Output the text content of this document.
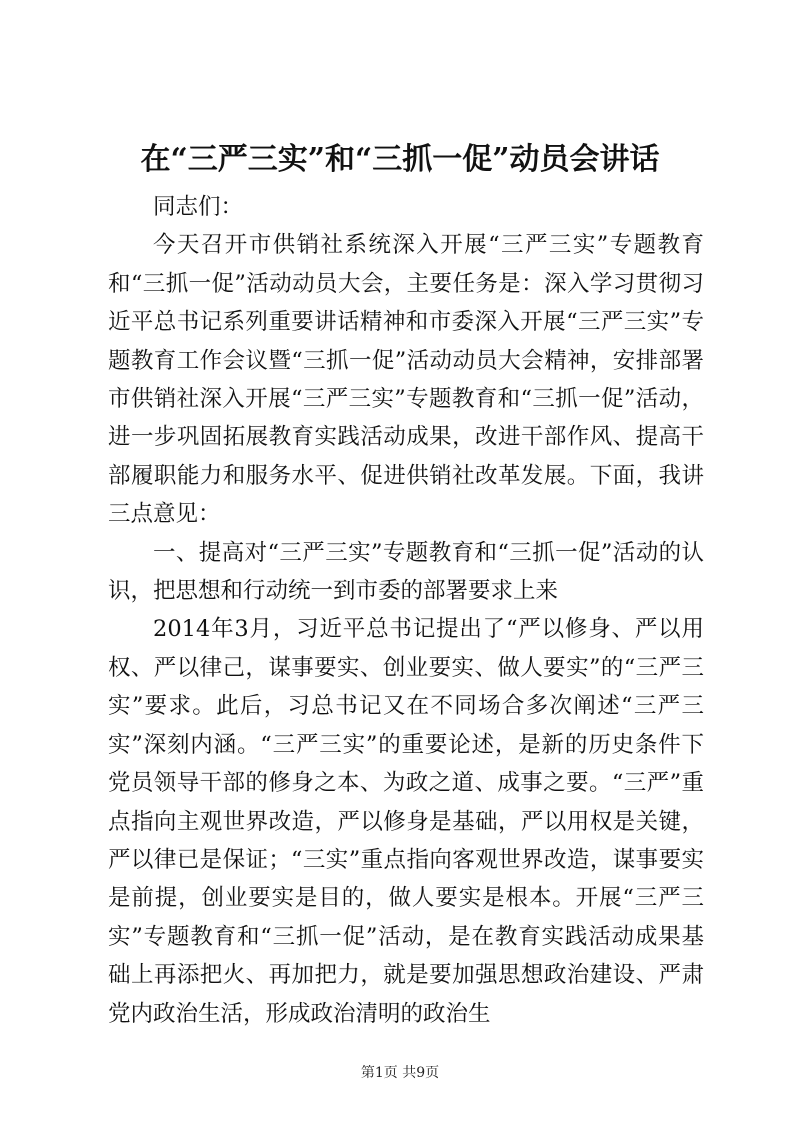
在“三严三实”和“三抓一促”动员会讲话

同志们：

今天召开市供销社系统深入开展“三严三实”专题教育和“三抓一促”活动动员大会，主要任务是：深入学习贯彻习近平总书记系列重要讲话精神和市委深入开展“三严三实”专题教育工作会议暨“三抓一促”活动动员大会精神，安排部署市供销社深入开展“三严三实”专题教育和“三抓一促”活动，进一步巩固拓展教育实践活动成果，改进干部作风、提高干部履职能力和服务水平、促进供销社改革发展。下面，我讲三点意见：

一、提高对“三严三实”专题教育和“三抓一促”活动的认识，把思想和行动统一到市委的部署要求上来

2014年3月，习近平总书记提出了“严以修身、严以用权、严以律己，谋事要实、创业要实、做人要实”的“三严三实”要求。此后，习总书记又在不同场合多次阐述“三严三实”深刻内涵。“三严三实”的重要论述，是新的历史条件下党员领导干部的修身之本、为政之道、成事之要。“三严”重点指向主观世界改造，严以修身是基础，严以用权是关键，严以律已是保证；“三实”重点指向客观世界改造，谋事要实是前提，创业要实是目的，做人要实是根本。开展“三严三实”专题教育和“三抓一促”活动，是在教育实践活动成果基础上再添把火、再加把力，就是要加强思想政治建设、严肃党内政治生活，形成政治清明的政治生

第1页 共9页
